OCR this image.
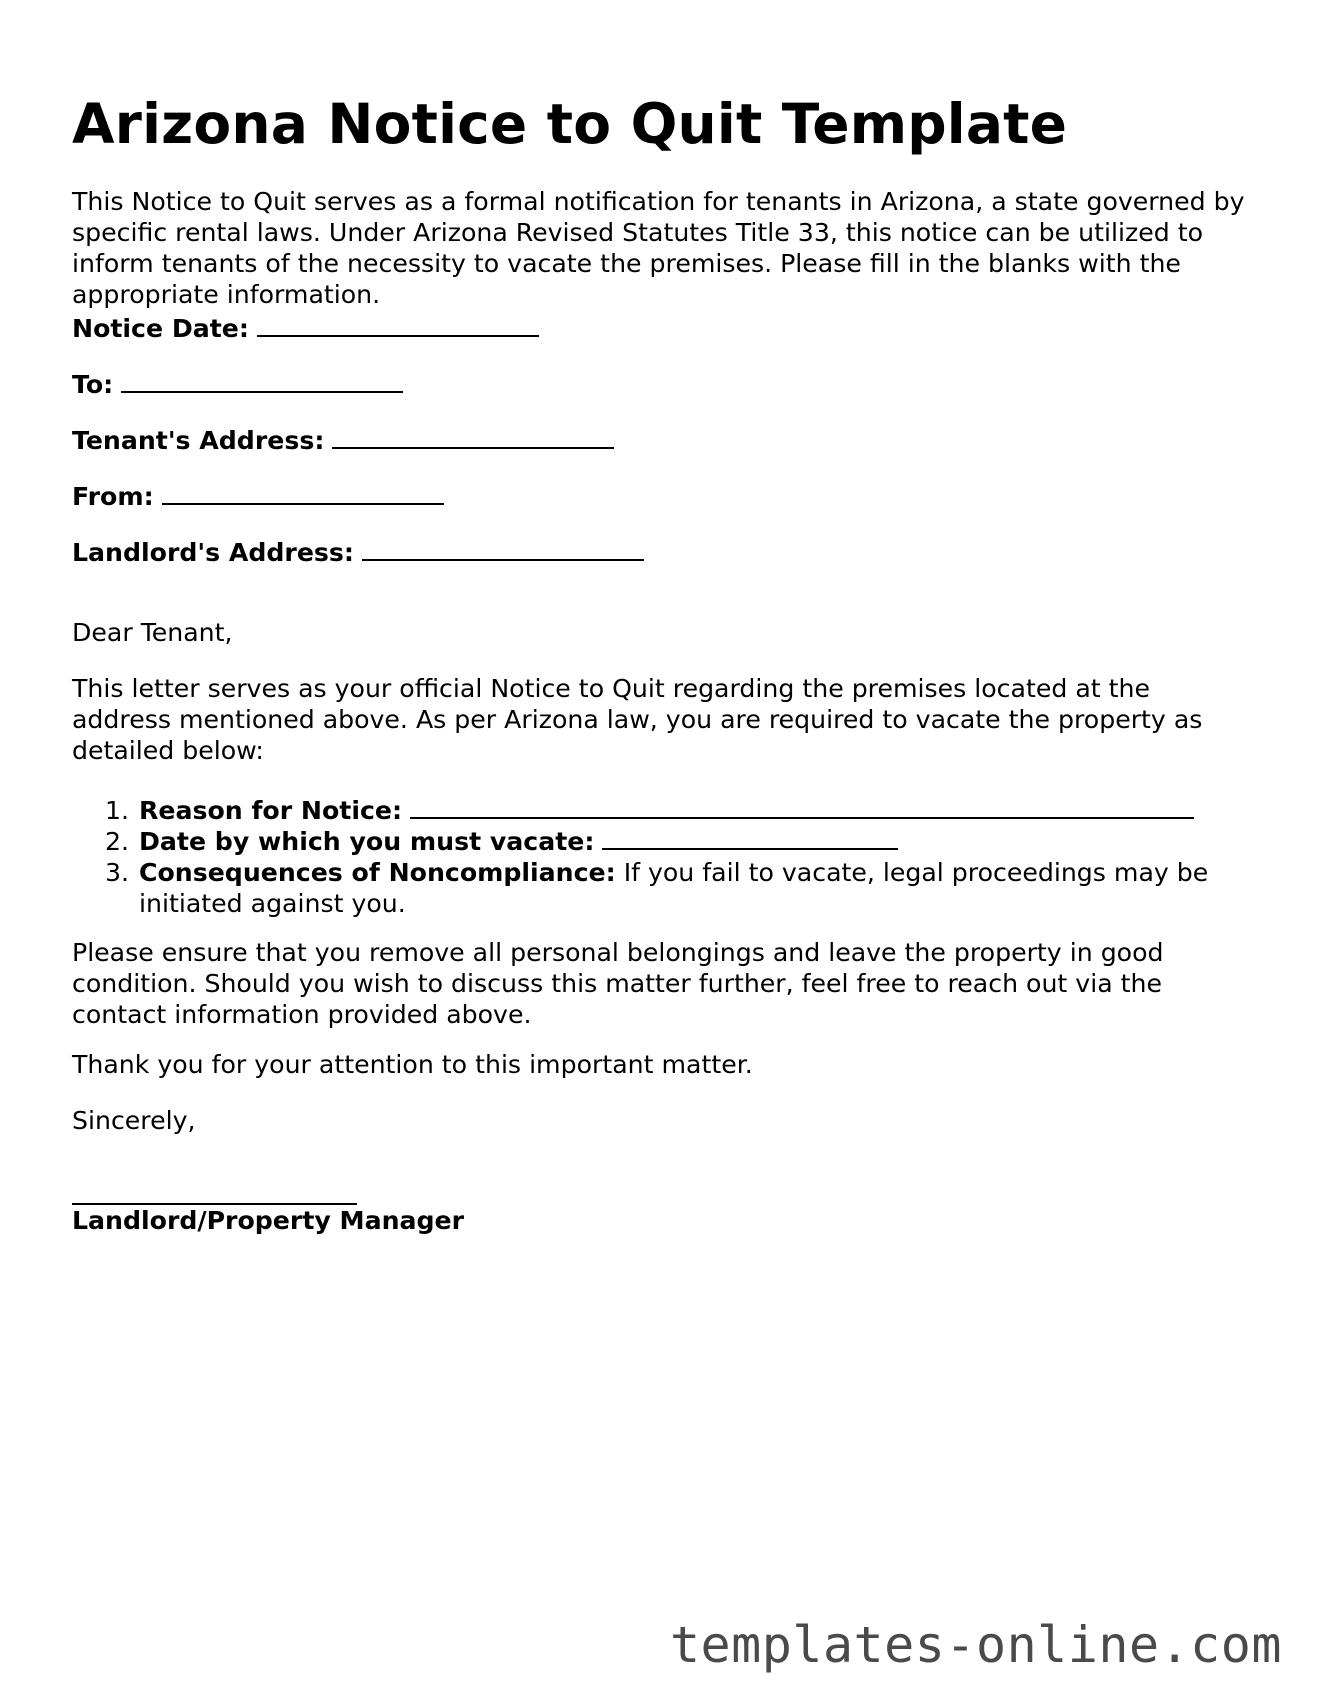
Arizona Notice to Quit Template

This Notice to Quit serves as a formal notification for tenants in Arizona, a state governed by specific rental laws. Under Arizona Revised Statutes Title 33, this notice can be utilized to inform tenants of the necessity to vacate the premises. Please fill in the blanks with the appropriate information.

Notice Date:
To:
Tenant's Address:
From:
Landlord's Address:

Dear Tenant,

This letter serves as your official Notice to Quit regarding the premises located at the address mentioned above. As per Arizona law, you are required to vacate the property as detailed below:

1. Reason for Notice:
2. Date by which you must vacate:
3. Consequences of Noncompliance: If you fail to vacate, legal proceedings may be initiated against you.

Please ensure that you remove all personal belongings and leave the property in good condition. Should you wish to discuss this matter further, feel free to reach out via the contact information provided above.

Thank you for your attention to this important matter.

Sincerely,

Landlord/Property Manager
templates-online.com
